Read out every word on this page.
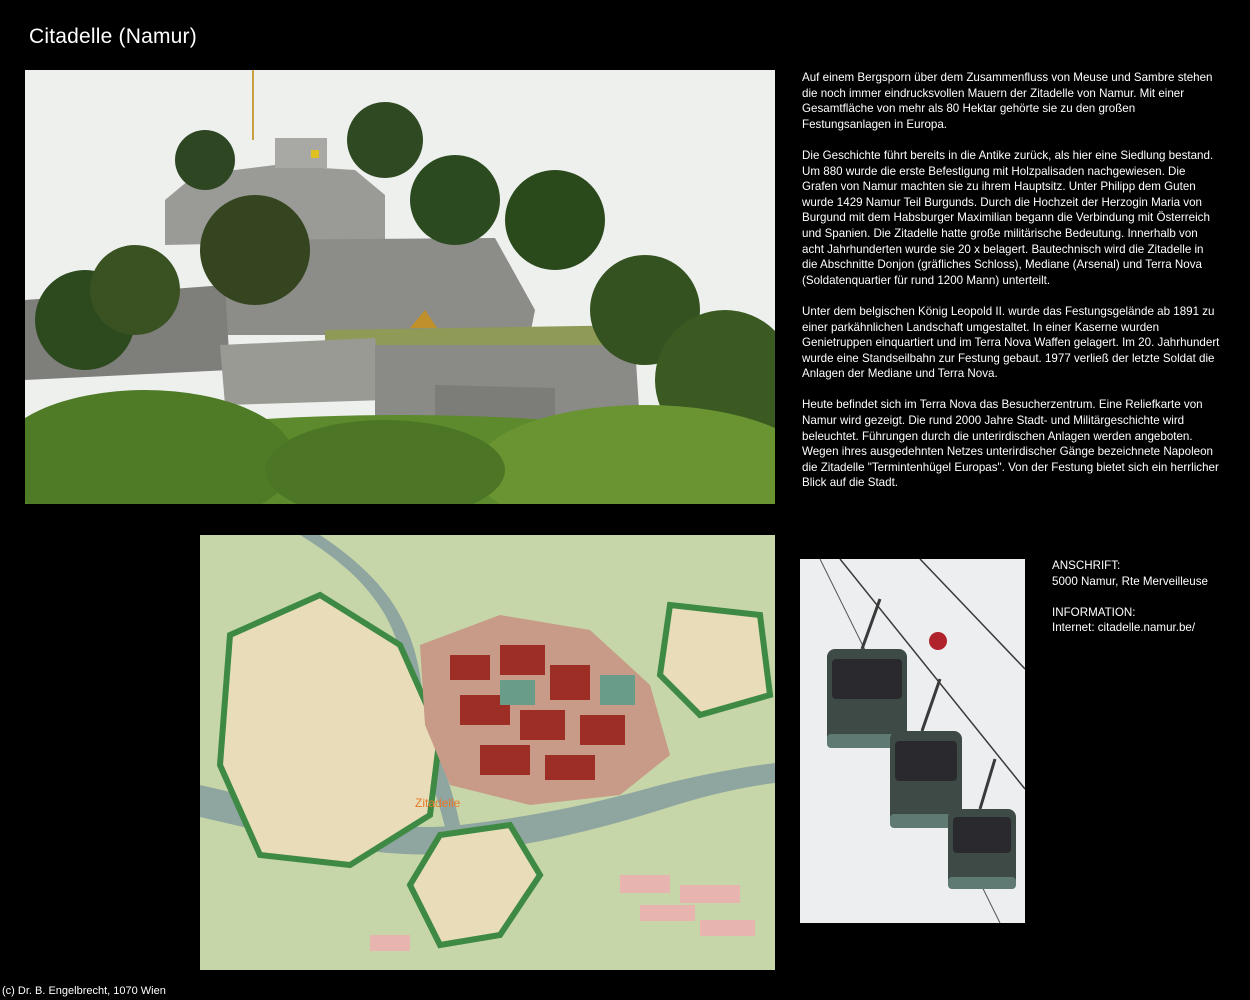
Citadelle (Namur)

Auf einem Bergsporn über dem Zusammenfluss von Meuse und Sambre stehen die noch immer eindrucksvollen Mauern der Zitadelle von Namur. Mit einer Gesamtfläche von mehr als 80 Hektar gehörte sie zu den großen Festungsanlagen in Europa.

Die Geschichte führt bereits in die Antike zurück, als hier eine Siedlung bestand. Um 880 wurde die erste Befestigung mit Holzpalisaden nachgewiesen. Die Grafen von Namur machten sie zu ihrem Hauptsitz. Unter Philipp dem Guten wurde 1429 Namur Teil Burgunds. Durch die Hochzeit der Herzogin Maria von Burgund mit dem Habsburger Maximilian begann die Verbindung mit Österreich und Spanien. Die Zitadelle hatte große militärische Bedeutung. Innerhalb von acht Jahrhunderten wurde sie 20 x belagert. Bautechnisch wird die Zitadelle in die Abschnitte Donjon (gräfliches Schloss), Mediane (Arsenal) und Terra Nova (Soldatenquartier für rund 1200 Mann) unterteilt.

Unter dem belgischen König Leopold II. wurde das Festungsgelände ab 1891 zu einer parkähnlichen Landschaft umgestaltet. In einer Kaserne wurden Genietruppen einquartiert und im Terra Nova Waffen gelagert. Im 20. Jahrhundert wurde eine Standseilbahn zur Festung gebaut. 1977 verließ der letzte Soldat die Anlagen der Mediane und Terra Nova.

Heute befindet sich im Terra Nova das Besucherzentrum. Eine Reliefkarte von Namur wird gezeigt. Die rund 2000 Jahre Stadt- und Militärgeschichte wird beleuchtet. Führungen durch die unterirdischen Anlagen werden angeboten. Wegen ihres ausgedehnten Netzes unterirdischer Gänge bezeichnete Napoleon die Zitadelle "Termintenhügel Europas". Von der Festung bietet sich ein herrlicher Blick auf die Stadt.

Zitadelle

ANSCHRIFT:

5000 Namur, Rte Merveilleuse

INFORMATION:

Internet: citadelle.namur.be/

(c) Dr. B. Engelbrecht, 1070 Wien
